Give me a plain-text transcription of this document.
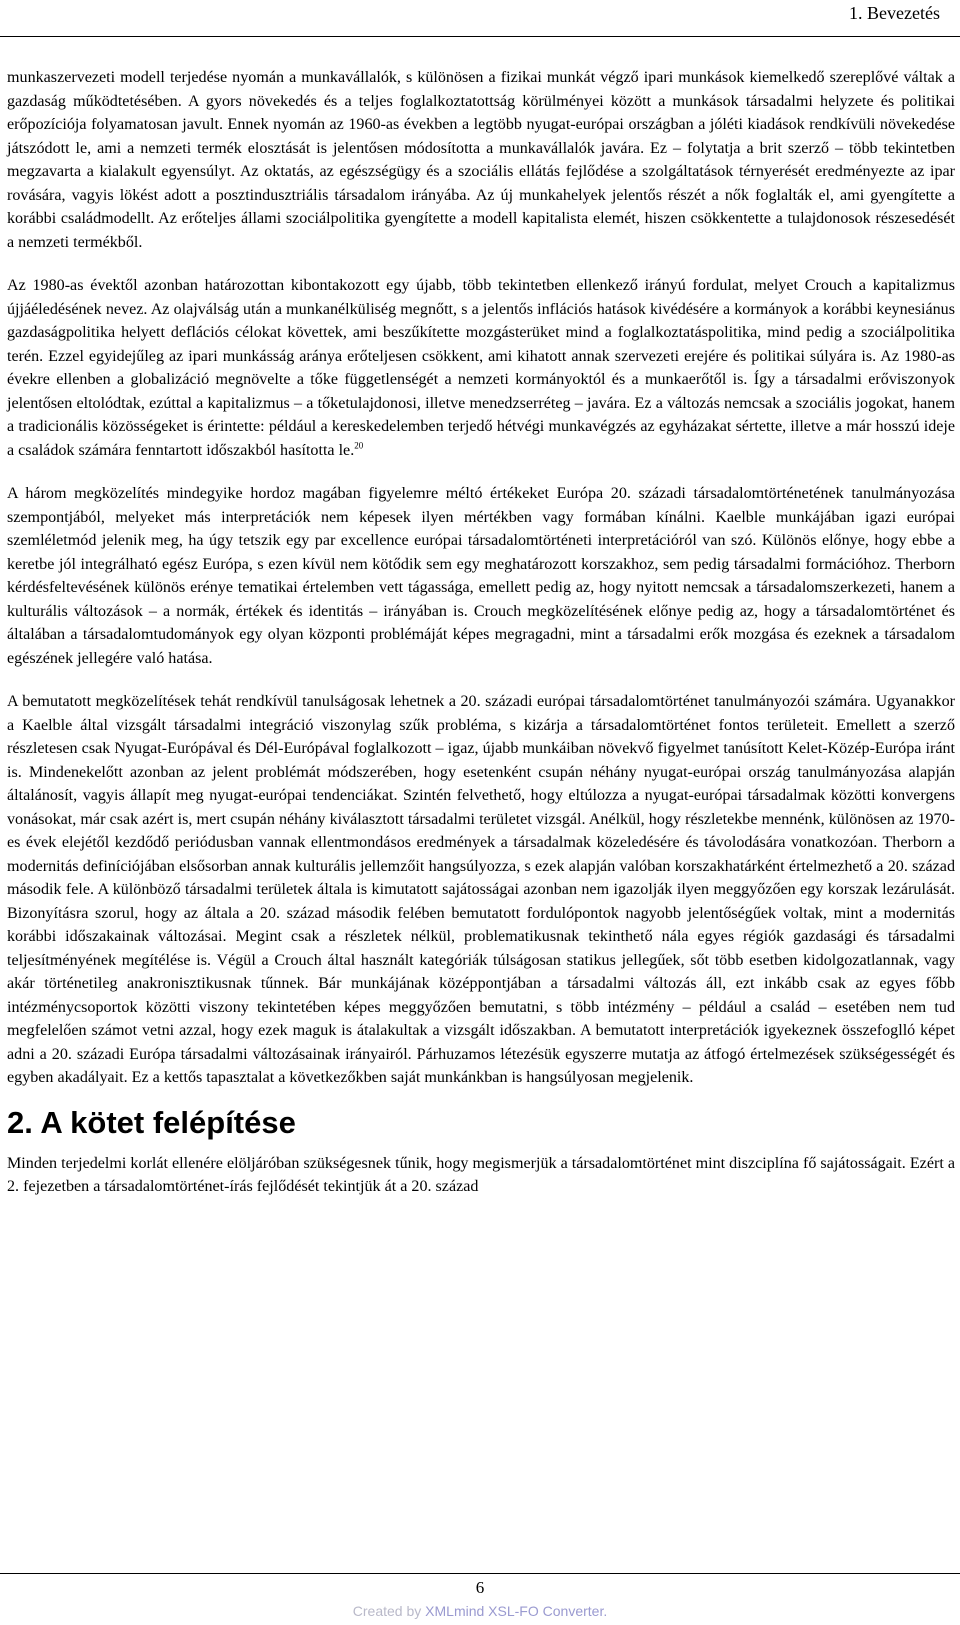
1. Bevezetés

munkaszervezeti modell terjedése nyomán a munkavállalók, s különösen a fizikai munkát végző ipari munkások kiemelkedő szereplővé váltak a gazdaság működtetésében. A gyors növekedés és a teljes foglalkoztatottság körülményei között a munkások társadalmi helyzete és politikai erőpozíciója folyamatosan javult. Ennek nyomán az 1960-as években a legtöbb nyugat-európai országban a jóléti kiadások rendkívüli növekedése játszódott le, ami a nemzeti termék elosztását is jelentősen módosította a munkavállalók javára. Ez – folytatja a brit szerző – több tekintetben megzavarta a kialakult egyensúlyt. Az oktatás, az egészségügy és a szociális ellátás fejlődése a szolgáltatások térnyerését eredményezte az ipar rovására, vagyis lökést adott a posztindusztriális társadalom irányába. Az új munkahelyek jelentős részét a nők foglalták el, ami gyengítette a korábbi családmodellt. Az erőteljes állami szociálpolitika gyengítette a modell kapitalista elemét, hiszen csökkentette a tulajdonosok részesedését a nemzeti termékből.

Az 1980-as évektől azonban határozottan kibontakozott egy újabb, több tekintetben ellenkező irányú fordulat, melyet Crouch a kapitalizmus újjáéledésének nevez. Az olajválság után a munkanélküliség megnőtt, s a jelentős inflációs hatások kivédésére a kormányok a korábbi keynesiánus gazdaságpolitika helyett deflációs célokat követtek, ami beszűkítette mozgásterüket mind a foglalkoztatáspolitika, mind pedig a szociálpolitika terén. Ezzel egyidejűleg az ipari munkásság aránya erőteljesen csökkent, ami kihatott annak szervezeti erejére és politikai súlyára is. Az 1980-as évekre ellenben a globalizáció megnövelte a tőke függetlenségét a nemzeti kormányoktól és a munkaerőtől is. Így a társadalmi erőviszonyok jelentősen eltolódtak, ezúttal a kapitalizmus – a tőketulajdonosi, illetve menedzserréteg – javára. Ez a változás nemcsak a szociális jogokat, hanem a tradicionális közösségeket is érintette: például a kereskedelemben terjedő hétvégi munkavégzés az egyházakat sértette, illetve a már hosszú ideje a családok számára fenntartott időszakból hasította le.$^{20}$

A három megközelítés mindegyike hordoz magában figyelemre méltó értékeket Európa 20. századi társadalomtörténetének tanulmányozása szempontjából, melyeket más interpretációk nem képesek ilyen mértékben vagy formában kínálni. Kaelble munkájában igazi európai szemléletmód jelenik meg, ha úgy tetszik egy par excellence európai társadalomtörténeti interpretációról van szó. Különös előnye, hogy ebbe a keretbe jól integrálható egész Európa, s ezen kívül nem kötődik sem egy meghatározott korszakhoz, sem pedig társadalmi formációhoz. Therborn kérdésfeltevésének különös erénye tematikai értelemben vett tágassága, emellett pedig az, hogy nyitott nemcsak a társadalomszerkezeti, hanem a kulturális változások – a normák, értékek és identitás – irányában is. Crouch megközelítésének előnye pedig az, hogy a társadalomtörténet és általában a társadalomtudományok egy olyan központi problémáját képes megragadni, mint a társadalmi erők mozgása és ezeknek a társadalom egészének jellegére való hatása.

A bemutatott megközelítések tehát rendkívül tanulságosak lehetnek a 20. századi európai társadalomtörténet tanulmányozói számára. Ugyanakkor a Kaelble által vizsgált társadalmi integráció viszonylag szűk probléma, s kizárja a társadalomtörténet fontos területeit. Emellett a szerző részletesen csak Nyugat-Európával és Dél-Európával foglalkozott – igaz, újabb munkáiban növekvő figyelmet tanúsított Kelet-Közép-Európa iránt is. Mindenekelőtt azonban az jelent problémát módszerében, hogy esetenként csupán néhány nyugat-európai ország tanulmányozása alapján általánosít, vagyis állapít meg nyugat-európai tendenciákat. Szintén felvethető, hogy eltúlozza a nyugat-európai társadalmak közötti konvergens vonásokat, már csak azért is, mert csupán néhány kiválasztott társadalmi területet vizsgál. Anélkül, hogy részletekbe mennénk, különösen az 1970-es évek elejétől kezdődő periódusban vannak ellentmondásos eredmények a társadalmak közeledésére és távolodására vonatkozóan. Therborn a modernitás definíciójában elsősorban annak kulturális jellemzőit hangsúlyozza, s ezek alapján valóban korszakhatárként értelmezhető a 20. század második fele. A különböző társadalmi területek általa is kimutatott sajátosságai azonban nem igazolják ilyen meggyőzően egy korszak lezárulását. Bizonyításra szorul, hogy az általa a 20. század második felében bemutatott fordulópontok nagyobb jelentőségűek voltak, mint a modernitás korábbi időszakainak változásai. Megint csak a részletek nélkül, problematikusnak tekinthető nála egyes régiók gazdasági és társadalmi teljesítményének megítélése is. Végül a Crouch által használt kategóriák túlságosan statikus jellegűek, sőt több esetben kidolgozatlannak, vagy akár történetileg anakronisztikusnak tűnnek. Bár munkájának középpontjában a társadalmi változás áll, ezt inkább csak az egyes főbb intézménycsoportok közötti viszony tekintetében képes meggyőzően bemutatni, s több intézmény – például a család – esetében nem tud megfelelően számot vetni azzal, hogy ezek maguk is átalakultak a vizsgált időszakban. A bemutatott interpretációk igyekeznek összefoglló képet adni a 20. századi Európa társadalmi változásainak irányairól. Párhuzamos létezésük egyszerre mutatja az átfogó értelmezések szükségességét és egyben akadályait. Ez a kettős tapasztalat a következőkben saját munkánkban is hangsúlyosan megjelenik.

2. A kötet felépítése

Minden terjedelmi korlát ellenére elöljáróban szükségesnek tűnik, hogy megismerjük a társadalomtörténet mint diszciplína fő sajátosságait. Ezért a 2. fejezetben a társadalomtörténet-írás fejlődését tekintjük át a 20. század

6
Created by XMLmind XSL-FO Converter.
